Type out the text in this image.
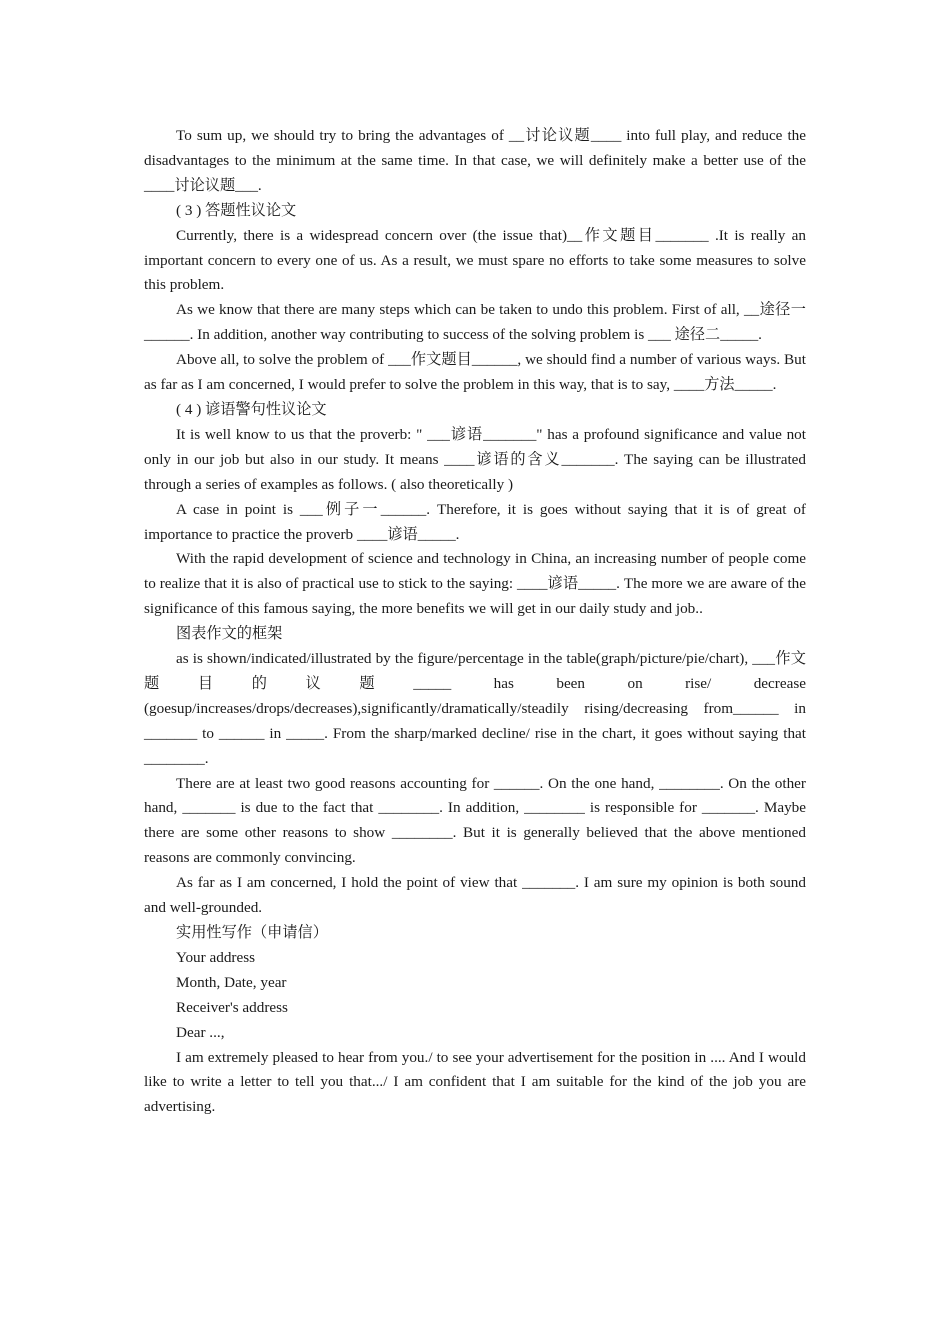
To sum up, we should try to bring the advantages of __讨论议题____ into full play, and reduce the disadvantages to the minimum at the same time. In that case, we will definitely make a better use of the ____讨论议题___.

( 3 ) 答题性议论文

Currently, there is a widespread concern over (the issue that)__作文题目_______ .It is really an important concern to every one of us. As a result, we must spare no efforts to take some measures to solve this problem.

As we know that there are many steps which can be taken to undo this problem. First of all, __途径一______. In addition, another way contributing to success of the solving problem is ___ 途径二_____.

Above all, to solve the problem of ___作文题目______, we should find a number of various ways. But as far as I am concerned, I would prefer to solve the problem in this way, that is to say, ____方法_____.

( 4 ) 谚语警句性议论文

It is well know to us that the proverb: " ___谚语_______" has a profound significance and value not only in our job but also in our study. It means ____谚语的含义_______. The saying can be illustrated through a series of examples as follows. ( also theoretically )

A case in point is ___例子一______. Therefore, it is goes without saying that it is of great of importance to practice the proverb ____谚语_____.

With the rapid development of science and technology in China, an increasing number of people come to realize that it is also of practical use to stick to the saying: ____谚语_____. The more we are aware of the significance of this famous saying, the more benefits we will get in our daily study and job..

图表作文的框架

as is shown/indicated/illustrated by the figure/percentage in the table(graph/picture/pie/chart), ___作文题目的议题_____ has been on rise/ decrease (goesup/increases/drops/decreases),significantly/dramatically/steadily rising/decreasing from______ in _______ to ______ in _____. From the sharp/marked decline/ rise in the chart, it goes without saying that ________.

There are at least two good reasons accounting for ______. On the one hand, ________. On the other hand, _______ is due to the fact that ________. In addition, ________ is responsible for _______. Maybe there are some other reasons to show ________. But it is generally believed that the above mentioned reasons are commonly convincing.

As far as I am concerned, I hold the point of view that _______. I am sure my opinion is both sound and well-grounded.

实用性写作（申请信）

Your address

Month, Date, year

Receiver's address

Dear ...,

I am extremely pleased to hear from you./ to see your advertisement for the position in .... And I would like to write a letter to tell you that.../ I am confident that I am suitable for the kind of the job you are advertising.
